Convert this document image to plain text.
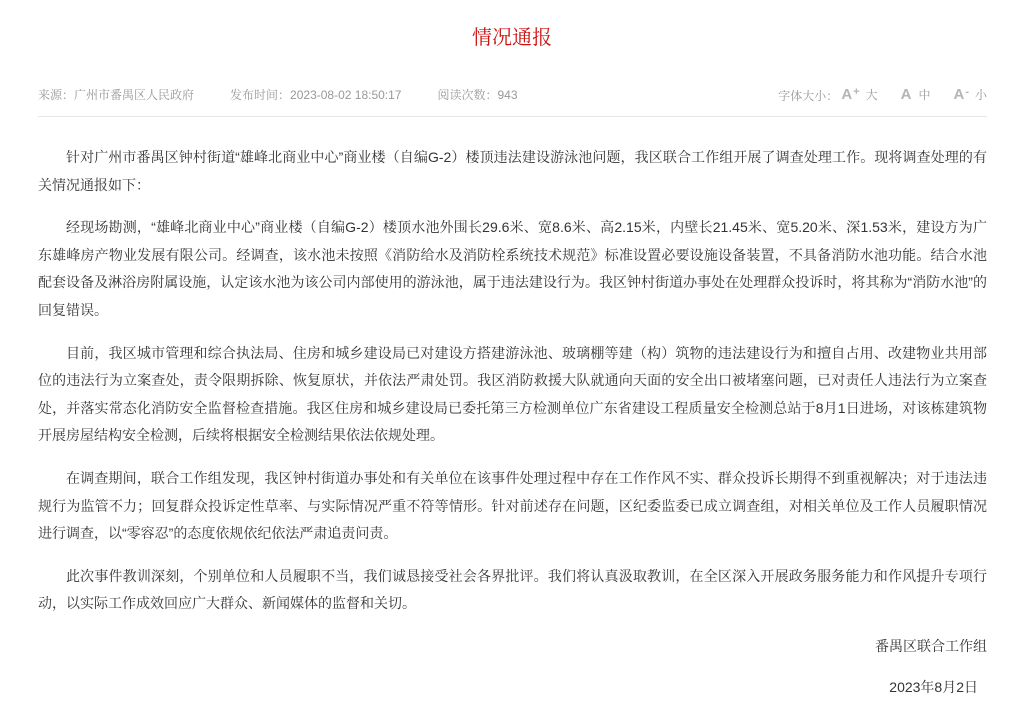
情况通报
来源：广州市番禺区人民政府	发布时间：2023-08-02 18:50:17	阅读次数：943	字体大小： A + 大 A 中 A - 小

针对广州市番禺区钟村街道“雄峰北商业中心”商业楼（自编G-2）楼顶违法建设游泳池问题，我区联合工作组开展了调查处理工作。现将调查处理的有关情况通报如下：

经现场勘测，“雄峰北商业中心”商业楼（自编G-2）楼顶水池外围长29.6米、宽8.6米、高2.15米，内壁长21.45米、宽5.20米、深1.53米，建设方为广东雄峰房产物业发展有限公司。经调查，该水池未按照《消防给水及消防栓系统技术规范》标准设置必要设施设备装置，不具备消防水池功能。结合水池配套设备及淋浴房附属设施，认定该水池为该公司内部使用的游泳池，属于违法建设行为。我区钟村街道办事处在处理群众投诉时，将其称为“消防水池”的回复错误。

目前，我区城市管理和综合执法局、住房和城乡建设局已对建设方搭建游泳池、玻璃棚等建（构）筑物的违法建设行为和擅自占用、改建物业共用部位的违法行为立案查处，责令限期拆除、恢复原状，并依法严肃处罚。我区消防救援大队就通向天面的安全出口被堵塞问题，已对责任人违法行为立案查处，并落实常态化消防安全监督检查措施。我区住房和城乡建设局已委托第三方检测单位广东省建设工程质量安全检测总站于8月1日进场，对该栋建筑物开展房屋结构安全检测，后续将根据安全检测结果依法依规处理。

在调查期间，联合工作组发现，我区钟村街道办事处和有关单位在该事件处理过程中存在工作作风不实、群众投诉长期得不到重视解决；对于违法违规行为监管不力；回复群众投诉定性草率、与实际情况严重不符等情形。针对前述存在问题，区纪委监委已成立调查组，对相关单位及工作人员履职情况进行调查，以“零容忍”的态度依规依纪依法严肃追责问责。

此次事件教训深刻，个别单位和人员履职不当，我们诚恳接受社会各界批评。我们将认真汲取教训，在全区深入开展政务服务能力和作风提升专项行动，以实际工作成效回应广大群众、新闻媒体的监督和关切。

番禺区联合工作组

2023年8月2日
